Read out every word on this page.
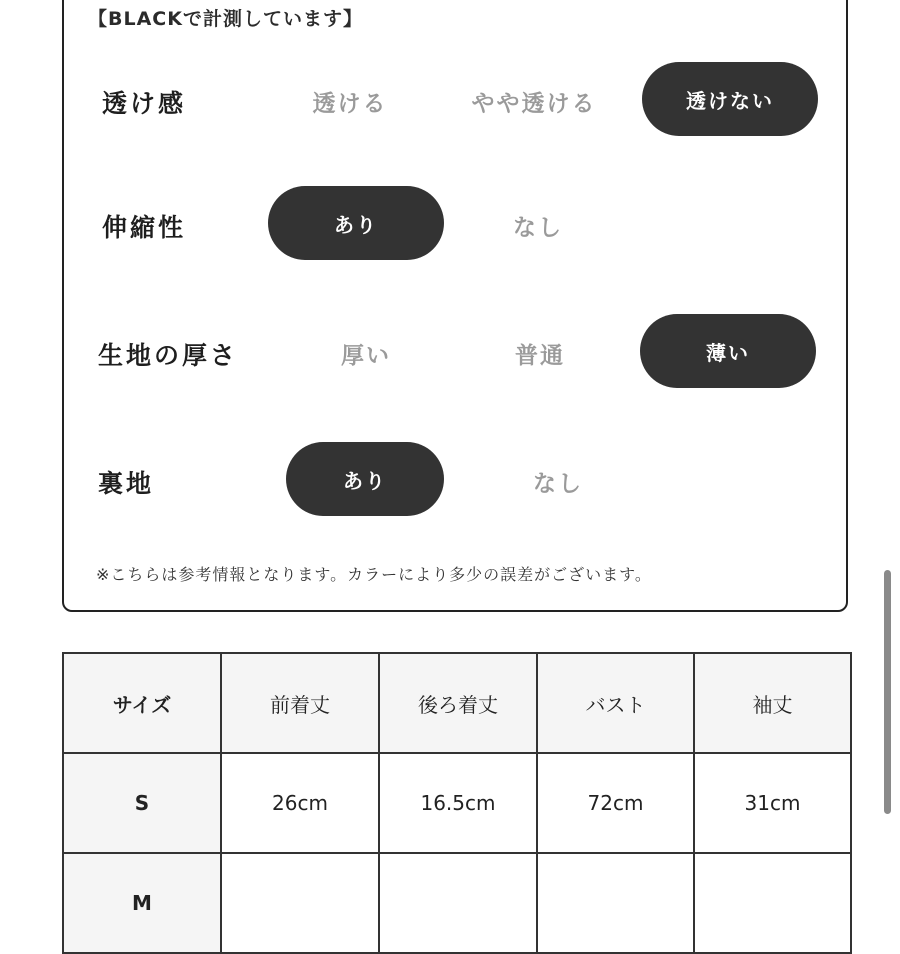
【BLACKで計測しています】
透け感	透ける	やや透ける	透けない
伸縮性	あり	なし
生地の厚さ	厚い	普通	薄い
裏地	あり	なし
※こちらは参考情報となります。カラーにより多少の誤差がございます。
サイズ	前着丈	後ろ着丈	バスト	袖丈
S	26cm	16.5cm	72cm	31cm
M				
